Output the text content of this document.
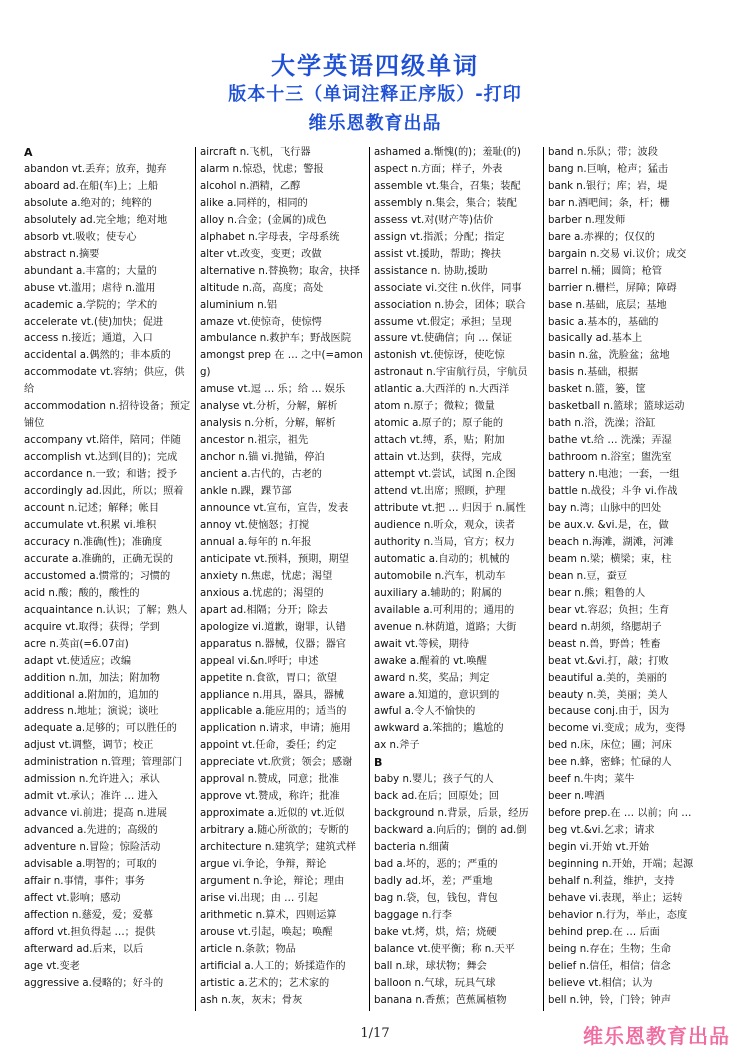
大学英语四级单词
版本十三（单词注释正序版）-打印
维乐恩教育出品
A
abandon vt.丢弃；放弃，抛弃
aboard ad.在船(车)上；上船
absolute a.绝对的；纯粹的
absolutely ad.完全地；绝对地
absorb vt.吸收；使专心
abstract n.摘要
abundant a.丰富的；大量的
abuse vt.滥用；虐待 n.滥用
academic a.学院的；学术的
accelerate vt.(使)加快；促进
access n.接近；通道，入口
accidental a.偶然的；非本质的
accommodate vt.容纳；供应，供给
accommodation n.招待设备；预定铺位
accompany vt.陪伴，陪同；伴随
accomplish vt.达到(目的)；完成
accordance n.一致；和谐；授予
accordingly ad.因此，所以；照着
account n.记述；解释；帐目
accumulate vt.积累 vi.堆积
accuracy n.准确(性)；准确度
accurate a.准确的，正确无误的
accustomed a.惯常的；习惯的
acid n.酸；酸的，酸性的
acquaintance n.认识；了解；熟人
acquire vt.取得；获得；学到
acre n.英亩(=6.07亩)
adapt vt.使适应；改编
addition n.加，加法；附加物
additional a.附加的，追加的
address n.地址；演说；谈吐
adequate a.足够的；可以胜任的
adjust vt.调整，调节；校正
administration n.管理；管理部门
admission n.允许进入；承认
admit vt.承认；准许 … 进入
advance vi.前进；提高 n.进展
advanced a.先进的；高级的
adventure n.冒险；惊险活动
advisable a.明智的；可取的
affair n.事情，事件；事务
affect vt.影响；感动
affection n.慈爱，爱；爱慕
afford vt.担负得起 …；提供
afterward ad.后来，以后
age vt.变老
aggressive a.侵略的；好斗的
aircraft n.飞机，飞行器
alarm n.惊恐，忧虑；警报
alcohol n.酒精，乙醇
alike a.同样的，相同的
alloy n.合金；(金属的)成色
alphabet n.字母表，字母系统
alter vt.改变，变更；改做
alternative n.替换物；取舍，抉择
altitude n.高，高度；高处
aluminium n.铝
amaze vt.使惊奇，使惊愕
ambulance n.救护车；野战医院
amongst prep 在 … 之中(=among)
amuse vt.逗 … 乐；给 … 娱乐
analyse vt.分析，分解，解析
analysis n.分析，分解，解析
ancestor n.祖宗，祖先
anchor n.锚 vi.抛锚，停泊
ancient a.古代的，古老的
ankle n.踝，踝节部
announce vt.宣布，宣告，发表
annoy vt.使恼怒；打搅
annual a.每年的 n.年报
anticipate vt.预料，预期，期望
anxiety n.焦虑，忧虑；渴望
anxious a.忧虑的；渴望的
apart ad.相隔；分开；除去
apologize vi.道歉，谢罪，认错
apparatus n.器械，仪器；器官
appeal vi.&n.呼吁；申述
appetite n.食欲，胃口；欲望
appliance n.用具，器具，器械
applicable a.能应用的；适当的
application n.请求，申请；施用
appoint vt.任命，委任；约定
appreciate vt.欣赏；领会；感谢
approval n.赞成，同意；批准
approve vt.赞成，称许；批准
approximate a.近似的 vt.近似
arbitrary a.随心所欲的；专断的
architecture n.建筑学；建筑式样
argue vi.争论，争辩，辩论
argument n.争论，辩论；理由
arise vi.出现；由 … 引起
arithmetic n.算术，四则运算
arouse vt.引起，唤起；唤醒
article n.条款；物品
artificial a.人工的；娇揉造作的
artistic a.艺术的；艺术家的
ash n.灰，灰末；骨灰
ashamed a.惭愧(的)；羞耻(的)
aspect n.方面；样子，外表
assemble vt.集合，召集；装配
assembly n.集会，集合；装配
assess vt.对(财产等)估价
assign vt.指派；分配；指定
assist vt.援助，帮助；搀扶
assistance n. 协助,援助
associate vi.交往 n.伙伴，同事
association n.协会，团体；联合
assume vt.假定；承担；呈现
assure vt.使确信；向 … 保证
astonish vt.使惊讶，使吃惊
astronaut n.宇宙航行员，宇航员
atlantic a.大西洋的 n.大西洋
atom n.原子；微粒；微量
atomic a.原子的；原子能的
attach vt.缚，系，贴；附加
attain vt.达到，获得，完成
attempt vt.尝试，试图 n.企图
attend vt.出席；照顾，护理
attribute vt.把 … 归因于 n.属性
audience n.听众，观众，读者
authority n.当局，官方；权力
automatic a.自动的；机械的
automobile n.汽车，机动车
auxiliary a.辅助的；附属的
available a.可利用的；通用的
avenue n.林荫道，道路；大街
await vt.等候，期待
awake a.醒着的 vt.唤醒
award n.奖，奖品；判定
aware a.知道的，意识到的
awful a.令人不愉快的
awkward a.笨拙的；尴尬的
ax n.斧子
B
baby n.婴儿；孩子气的人
back ad.在后；回原处；回
background n.背景，后景，经历
backward a.向后的；倒的 ad.倒
bacteria n.细菌
bad a.坏的，恶的；严重的
badly ad.坏，差；严重地
bag n.袋，包，钱包，背包
baggage n.行李
bake vt.烤，烘，焙；烧硬
balance vt.使平衡；称 n.天平
ball n.球，球状物；舞会
balloon n.气球，玩具气球
banana n.香蕉；芭蕉属植物
band n.乐队；带；波段
bang n.巨响，枪声；猛击
bank n.银行；库；岩，堤
bar n.酒吧间；条，杆；栅
barber n.理发师
bare a.赤裸的；仅仅的
bargain n.交易 vi.议价；成交
barrel n.桶；圆筒；枪管
barrier n.栅栏，屏障；障碍
base n.基础，底层；基地
basic a.基本的，基础的
basically ad.基本上
basin n.盆，洗脸盆；盆地
basis n.基础，根据
basket n.篮，篓，筐
basketball n.篮球；篮球运动
bath n.浴，洗澡；浴缸
bathe vt.给 … 洗澡；弄湿
bathroom n.浴室；盥洗室
battery n.电池；一套，一组
battle n.战役；斗争 vi.作战
bay n.湾；山脉中的凹处
be aux.v. &vi.是，在，做
beach n.海滩，湖滩，河滩
beam n.梁；横梁；束，柱
bean n.豆，蚕豆
bear n.熊；粗鲁的人
bear vt.容忍；负担；生育
beard n.胡须，络腮胡子
beast n.兽，野兽；牲畜
beat vt.&vi.打，敲；打败
beautiful a.美的，美丽的
beauty n.美，美丽；美人
because conj.由于，因为
become vi.变成；成为，变得
bed n.床，床位；圃；河床
bee n.蜂，密蜂；忙碌的人
beef n.牛肉；菜牛
beer n.啤酒
before prep.在 … 以前；向 …
beg vt.&vi.乞求；请求
begin vi.开始 vt.开始
beginning n.开始，开端；起源
behalf n.利益，维护，支持
behave vi.表现，举止；运转
behavior n.行为，举止，态度
behind prep.在 … 后面
being n.存在；生物；生命
belief n.信任，相信；信念
believe vt.相信；认为
bell n.钟，铃，门铃；钟声
1/17	维乐恩教育出品
